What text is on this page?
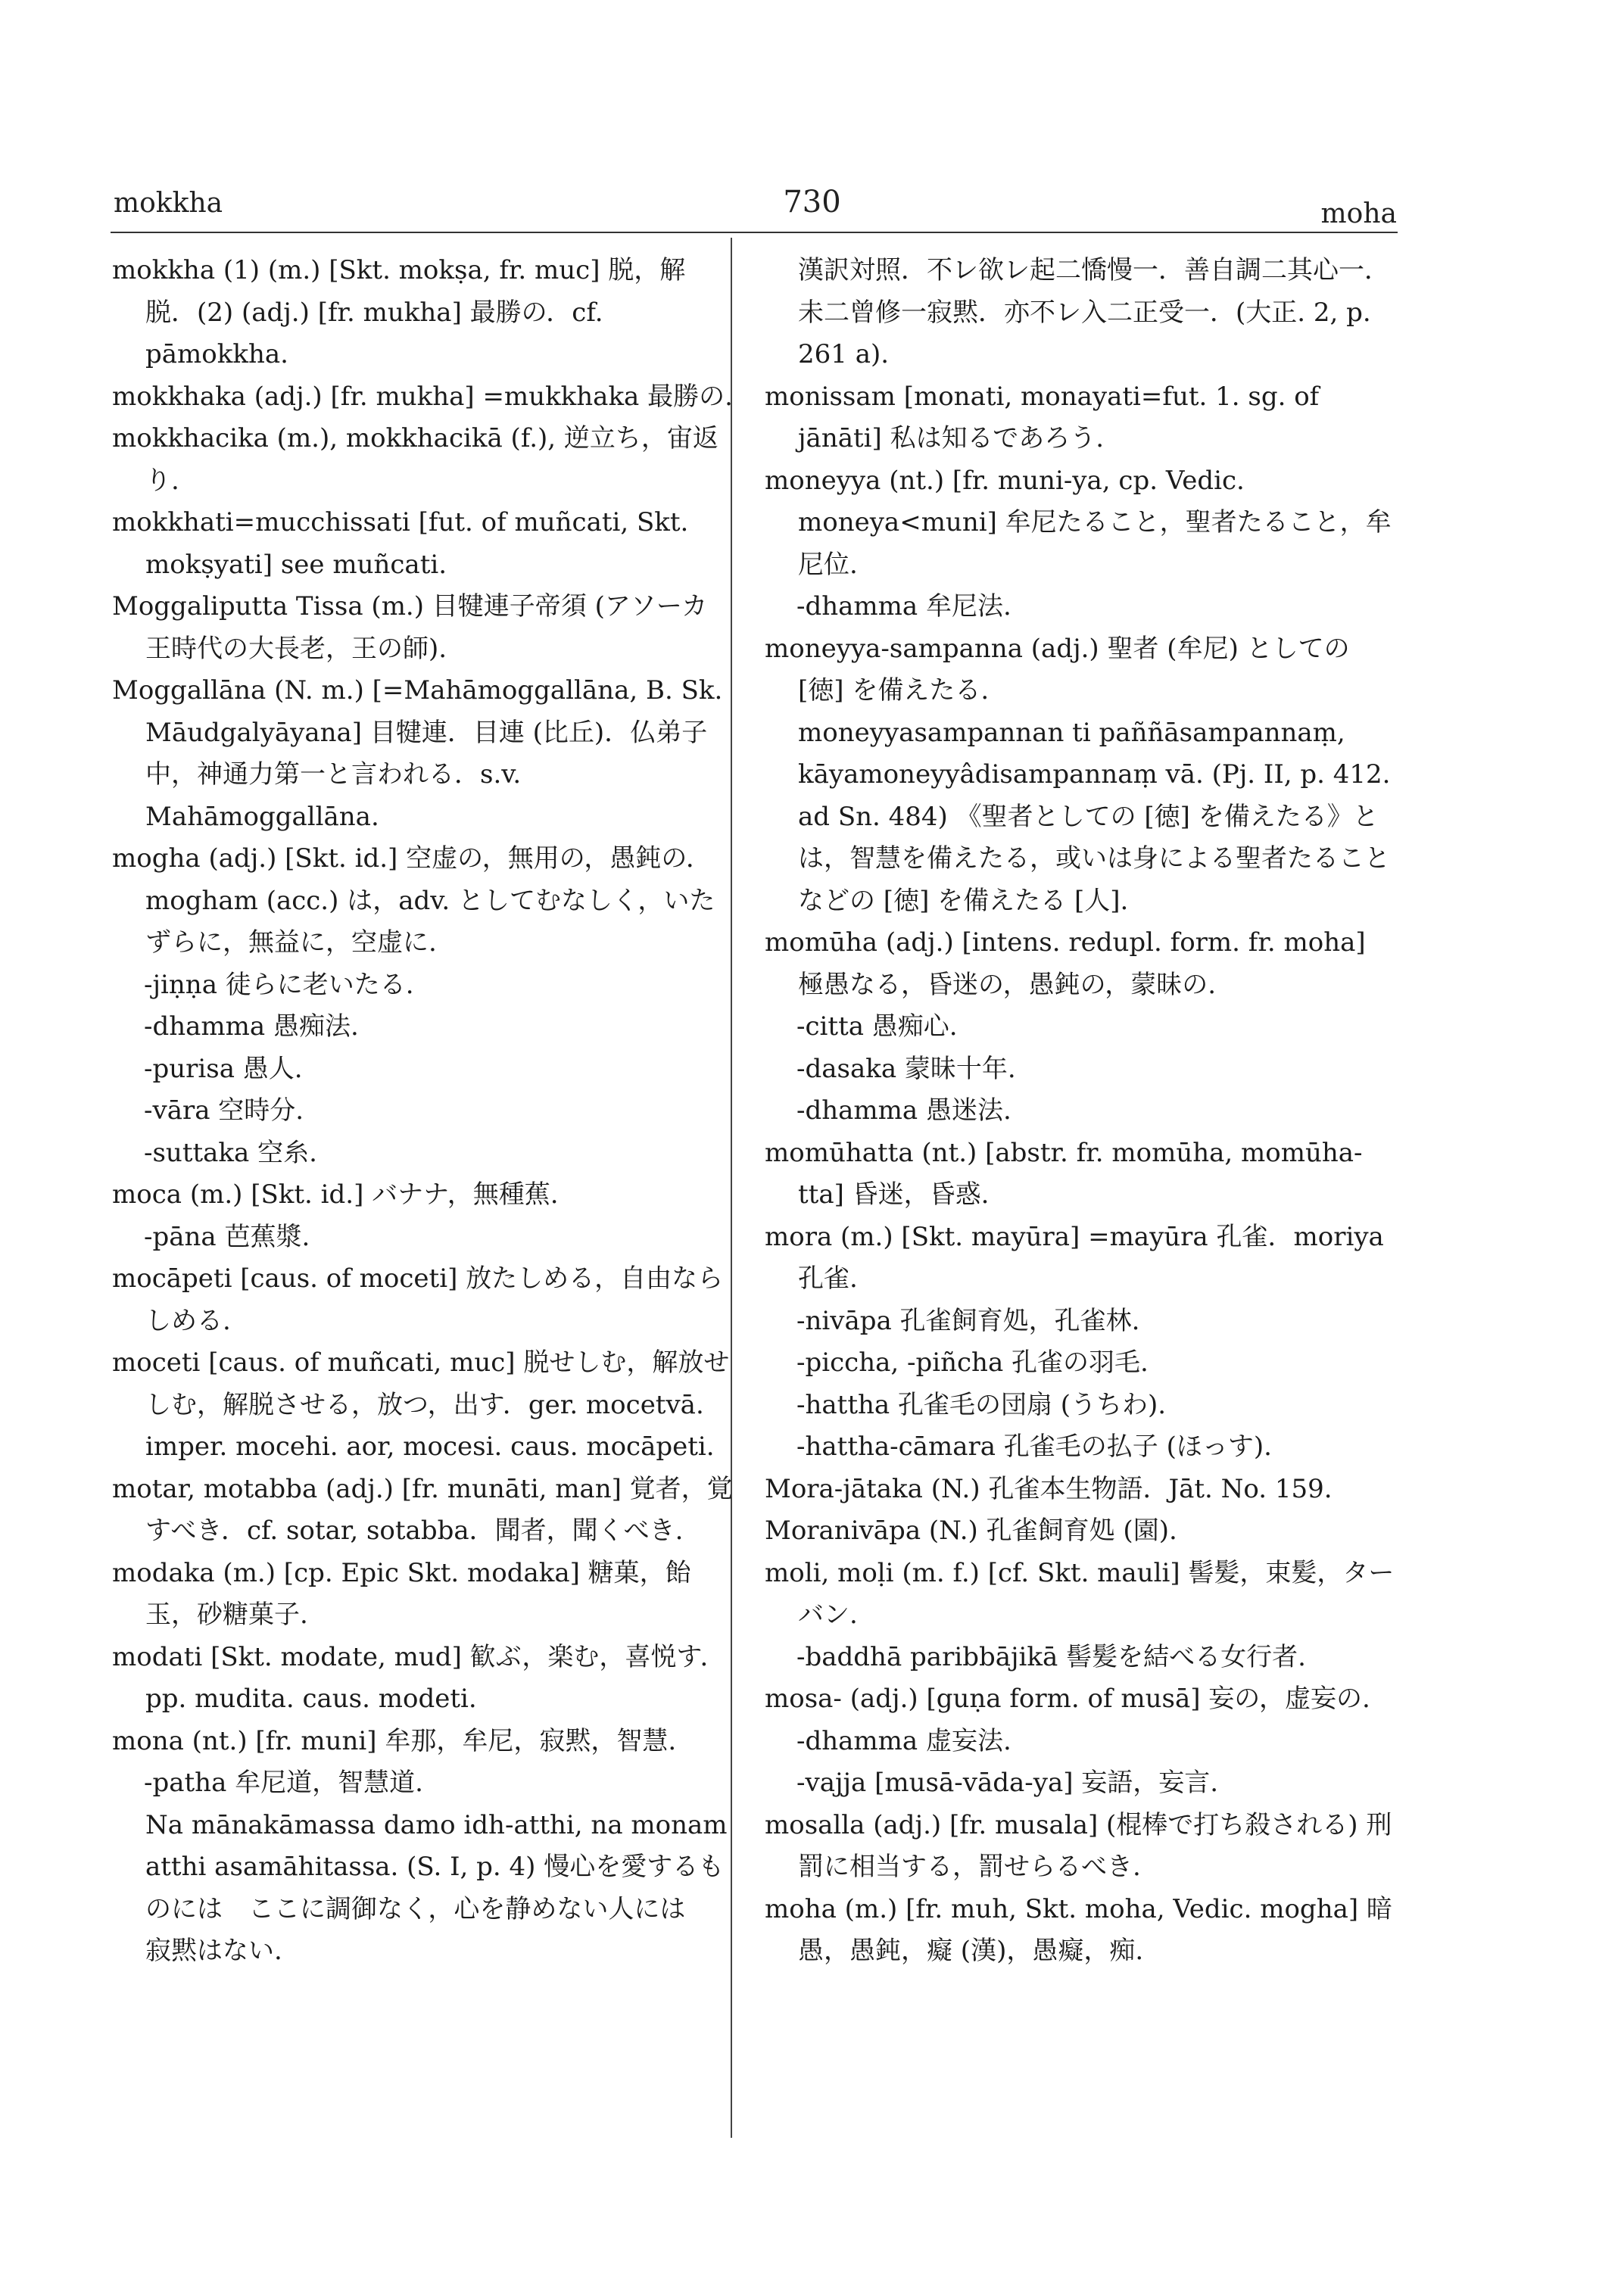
mokkha	730	moha

mokkha (1) (m.) [Skt. mokṣa, fr. muc] 脱，解脱．(2) (adj.) [fr. mukha] 最勝の．cf. pāmokkha.

mokkhaka (adj.) [fr. mukha] =mukkhaka 最勝の.

mokkhacika (m.), mokkhacikā (f.), 逆立ち，宙返り.

mokkhati=mucchissati [fut. of muñcati, Skt. mokṣyati] see muñcati.

Moggaliputta Tissa (m.) 目犍連子帝須 (アソーカ王時代の大長老，王の師).

Moggallāna (N. m.) [=Mahāmoggallāna, B. Sk. Māudgalyāyana] 目犍連．目連 (比丘)．仏弟子中，神通力第一と言われる．s.v. Mahāmoggallāna.

mogha (adj.) [Skt. id.] 空虚の，無用の，愚鈍の．mogham (acc.) は，adv. としてむなしく，いたずらに，無益に，空虚に.

-jiṇṇa 徒らに老いたる.

-dhamma 愚痴法.

-purisa 愚人.

-vāra 空時分.

-suttaka 空糸.

moca (m.) [Skt. id.] バナナ，無種蕉.

-pāna 芭蕉漿.

mocāpeti [caus. of moceti] 放たしめる，自由ならしめる.

moceti [caus. of muñcati, muc] 脱せしむ，解放せしむ，解脱させる，放つ，出す．ger. mocetvā. imper. mocehi. aor, mocesi. caus. mocāpeti.

motar, motabba (adj.) [fr. munāti, man] 覚者，覚すべき．cf. sotar, sotabba．聞者，聞くべき.

modaka (m.) [cp. Epic Skt. modaka] 糖菓，飴玉，砂糖菓子.

modati [Skt. modate, mud] 歓ぶ，楽む，喜悦す．pp. mudita. caus. modeti.

mona (nt.) [fr. muni] 牟那，牟尼，寂黙，智慧.

-patha 牟尼道，智慧道.

Na mānakāmassa damo idh-atthi, na monam atthi asamāhitassa. (S. I, p. 4) 慢心を愛するものには　ここに調御なく，心を静めない人には　寂黙はない.

漢訳対照．不レ欲レ起二憍慢一．善自調二其心一．未二曾修一寂黙．亦不レ入二正受一．(大正. 2, p. 261 a).

monissam [monati, monayati=fut. 1. sg. of jānāti] 私は知るであろう.

moneyya (nt.) [fr. muni-ya, cp. Vedic. moneya<muni] 牟尼たること，聖者たること，牟尼位.

-dhamma 牟尼法.

moneyya-sampanna (adj.) 聖者 (牟尼) としての [徳] を備えたる.

moneyyasampannan ti paññāsampannaṃ, kāyamoneyyâdisampannaṃ vā. (Pj. II, p. 412. ad Sn. 484) 《聖者としての [徳] を備えたる》とは，智慧を備えたる，或いは身による聖者たることなどの [徳] を備えたる [人].

momūha (adj.) [intens. redupl. form. fr. moha] 極愚なる，昏迷の，愚鈍の，蒙昧の.

-citta 愚痴心.

-dasaka 蒙昧十年.

-dhamma 愚迷法.

momūhatta (nt.) [abstr. fr. momūha, momūha-tta] 昏迷，昏惑.

mora (m.) [Skt. mayūra] =mayūra 孔雀．moriya 孔雀.

-nivāpa 孔雀飼育処，孔雀林.

-piccha, -piñcha 孔雀の羽毛.

-hattha 孔雀毛の団扇 (うちわ).

-hattha-cāmara 孔雀毛の払子 (ほっす).

Mora-jātaka (N.) 孔雀本生物語．Jāt. No. 159.

Moranivāpa (N.) 孔雀飼育処 (園).

moli, moḷi (m. f.) [cf. Skt. mauli] 髻髪，束髪，ターバン.

-baddhā paribbājikā 髻髪を結べる女行者.

mosa- (adj.) [guṇa form. of musā] 妄の，虚妄の.

-dhamma 虚妄法.

-vajja [musā-vāda-ya] 妄語，妄言.

mosalla (adj.) [fr. musala] (棍棒で打ち殺される) 刑罰に相当する，罰せらるべき.

moha (m.) [fr. muh, Skt. moha, Vedic. mogha] 暗愚，愚鈍，癡 (漢)，愚癡，痴.
